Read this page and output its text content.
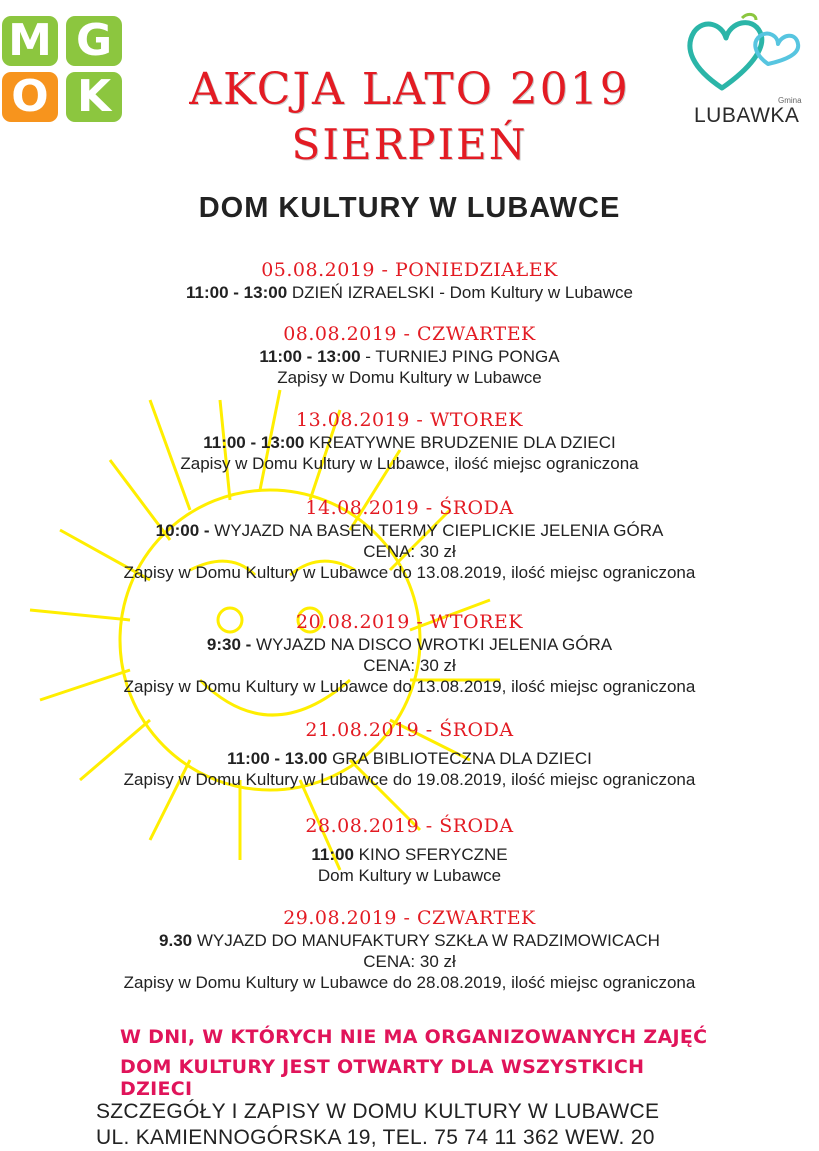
M G
O K	Gmina
LUBAWKA
AKCJA LATO 2019
SIERPIEŃ
DOM KULTURY W LUBAWCE
05.08.2019 - PONIEDZIAŁEK
11:00 - 13:00 DZIEŃ IZRAELSKI - Dom Kultury w Lubawce
08.08.2019 - CZWARTEK
11:00 - 13:00 - TURNIEJ PING PONGA
Zapisy w Domu Kultury w Lubawce
13.08.2019 - WTOREK
11:00 - 13:00 KREATYWNE BRUDZENIE DLA DZIECI
Zapisy w Domu Kultury w Lubawce, ilość miejsc ograniczona
14.08.2019 - ŚRODA
10:00 - WYJAZD NA BASEN TERMY CIEPLICKIE JELENIA GÓRA
CENA: 30 zł
Zapisy w Domu Kultury w Lubawce do 13.08.2019, ilość miejsc ograniczona
20.08.2019 - WTOREK
9:30 - WYJAZD NA DISCO WROTKI JELENIA GÓRA
CENA: 30 zł
Zapisy w Domu Kultury w Lubawce do 13.08.2019, ilość miejsc ograniczona
21.08.2019 - ŚRODA
11:00 - 13.00 GRA BIBLIOTECZNA DLA DZIECI
Zapisy w Domu Kultury w Lubawce do 19.08.2019, ilość miejsc ograniczona
28.08.2019 - ŚRODA
11:00 KINO SFERYCZNE
Dom Kultury w Lubawce
29.08.2019 - CZWARTEK
9.30 WYJAZD DO MANUFAKTURY SZKŁA W RADZIMOWICACH
CENA: 30 zł
Zapisy w Domu Kultury w Lubawce do 28.08.2019, ilość miejsc ograniczona
W DNI, W KTÓRYCH NIE MA ORGANIZOWANYCH ZAJĘĆ
DOM KULTURY JEST OTWARTY DLA WSZYSTKICH DZIECI
SZCZEGÓŁY I ZAPISY W DOMU KULTURY W LUBAWCE
UL. KAMIENNOGÓRSKA 19, TEL. 75 74 11 362 WEW. 20
